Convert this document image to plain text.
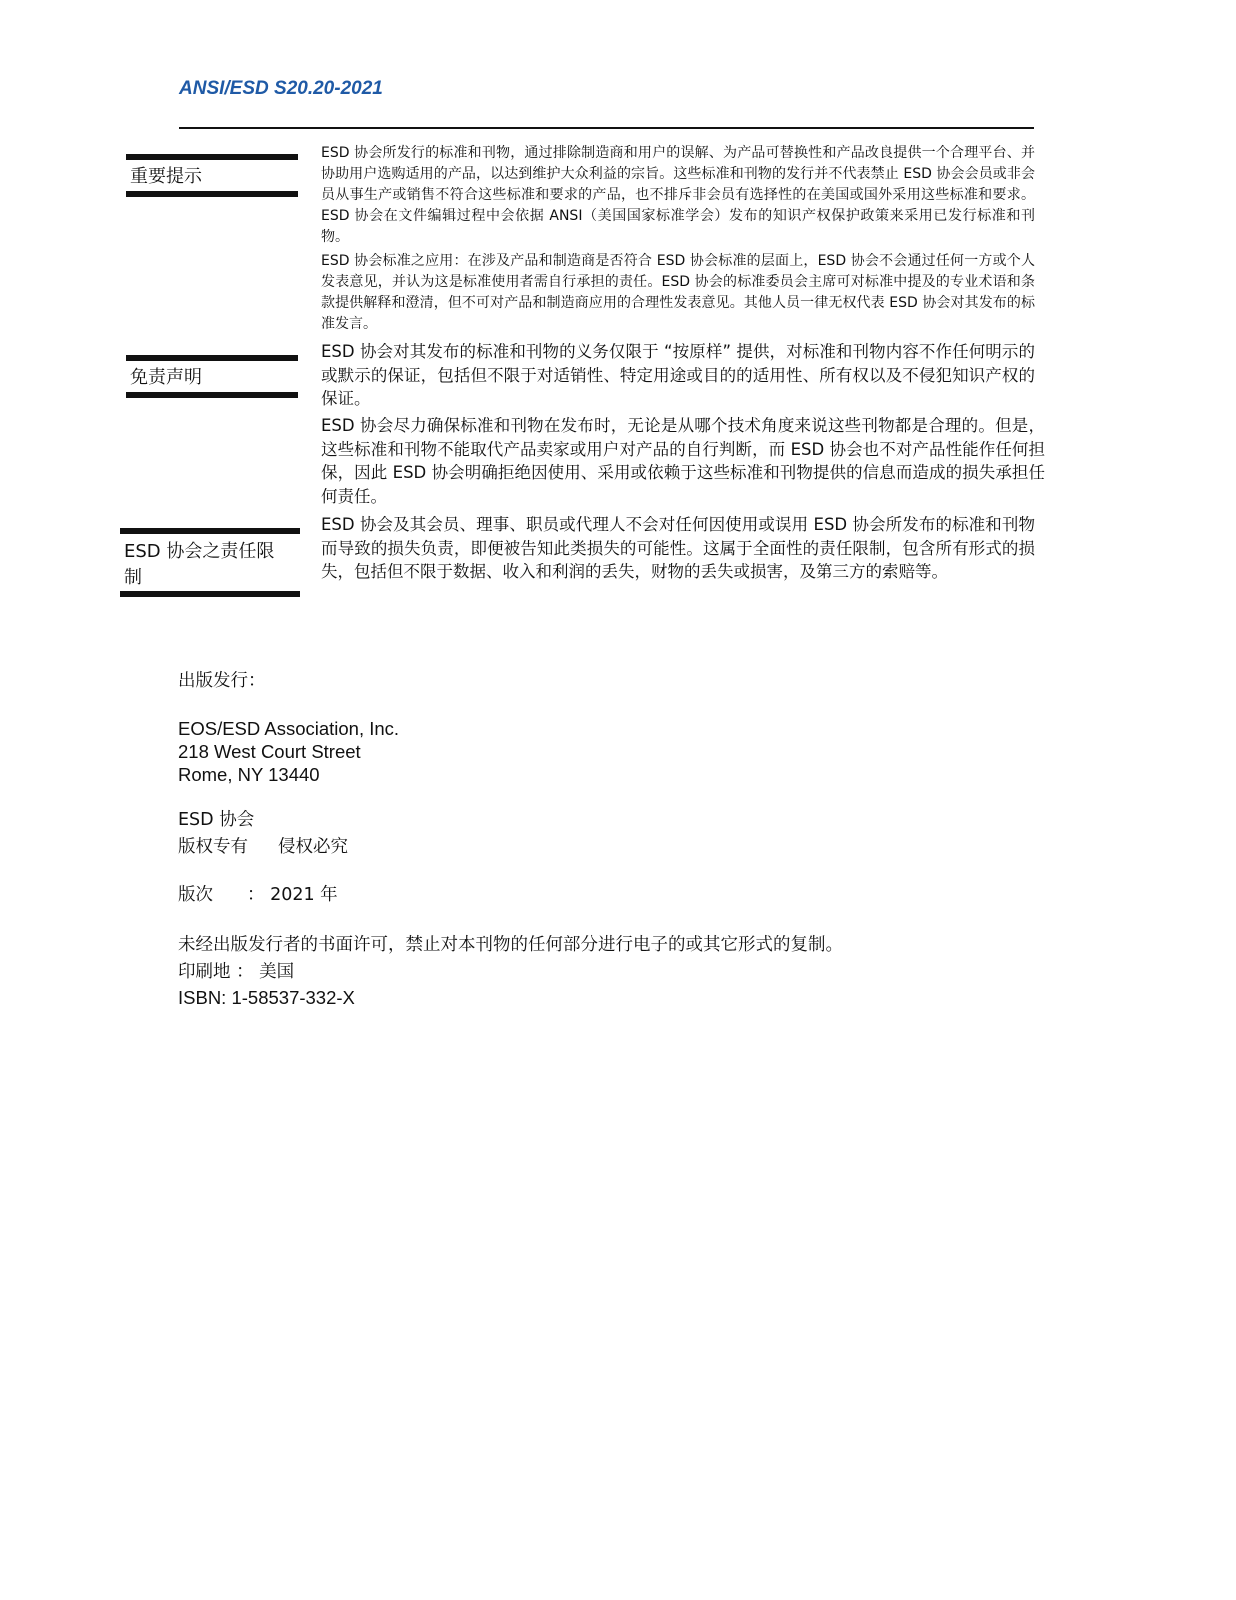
ANSI/ESD S20.20-2021
重要提示
免责声明
ESD 协会之责任限
制

ESD 协会所发行的标准和刊物，通过排除制造商和用户的误解、为产品可替换性和产品改良提供一个合理平台、并协助用户选购适用的产品，以达到维护大众利益的宗旨。这些标准和刊物的发行并不代表禁止 ESD 协会会员或非会员从事生产或销售不符合这些标准和要求的产品，也不排斥非会员有选择性的在美国或国外采用这些标准和要求。ESD 协会在文件编辑过程中会依据 ANSI（美国国家标准学会）发布的知识产权保护政策来采用已发行标准和刊物。

ESD 协会标准之应用：在涉及产品和制造商是否符合 ESD 协会标准的层面上，ESD 协会不会通过任何一方或个人发表意见，并认为这是标准使用者需自行承担的责任。ESD 协会的标准委员会主席可对标准中提及的专业术语和条款提供解释和澄清，但不可对产品和制造商应用的合理性发表意见。其他人员一律无权代表 ESD 协会对其发布的标准发言。

ESD 协会对其发布的标准和刊物的义务仅限于 “按原样” 提供，对标准和刊物内容不作任何明示的或默示的保证，包括但不限于对适销性、特定用途或目的的适用性、所有权以及不侵犯知识产权的保证。

ESD 协会尽力确保标准和刊物在发布时，无论是从哪个技术角度来说这些刊物都是合理的。但是，这些标准和刊物不能取代产品卖家或用户对产品的自行判断，而 ESD 协会也不对产品性能作任何担保，因此 ESD 协会明确拒绝因使用、采用或依赖于这些标准和刊物提供的信息而造成的损失承担任何责任。

ESD 协会及其会员、理事、职员或代理人不会对任何因使用或误用 ESD 协会所发布的标准和刊物而导致的损失负责，即便被告知此类损失的可能性。这属于全面性的责任限制，包含所有形式的损失，包括但不限于数据、收入和利润的丢失，财物的丢失或损害，及第三方的索赔等。

出版发行：

EOS/ESD Association, Inc.

218 West Court Street

Rome, NY 13440

ESD 协会

版权专有 侵权必究

版次 ： 2021 年

未经出版发行者的书面许可，禁止对本刊物的任何部分进行电子的或其它形式的复制。

印刷地 ： 美国

ISBN: 1-58537-332-X
